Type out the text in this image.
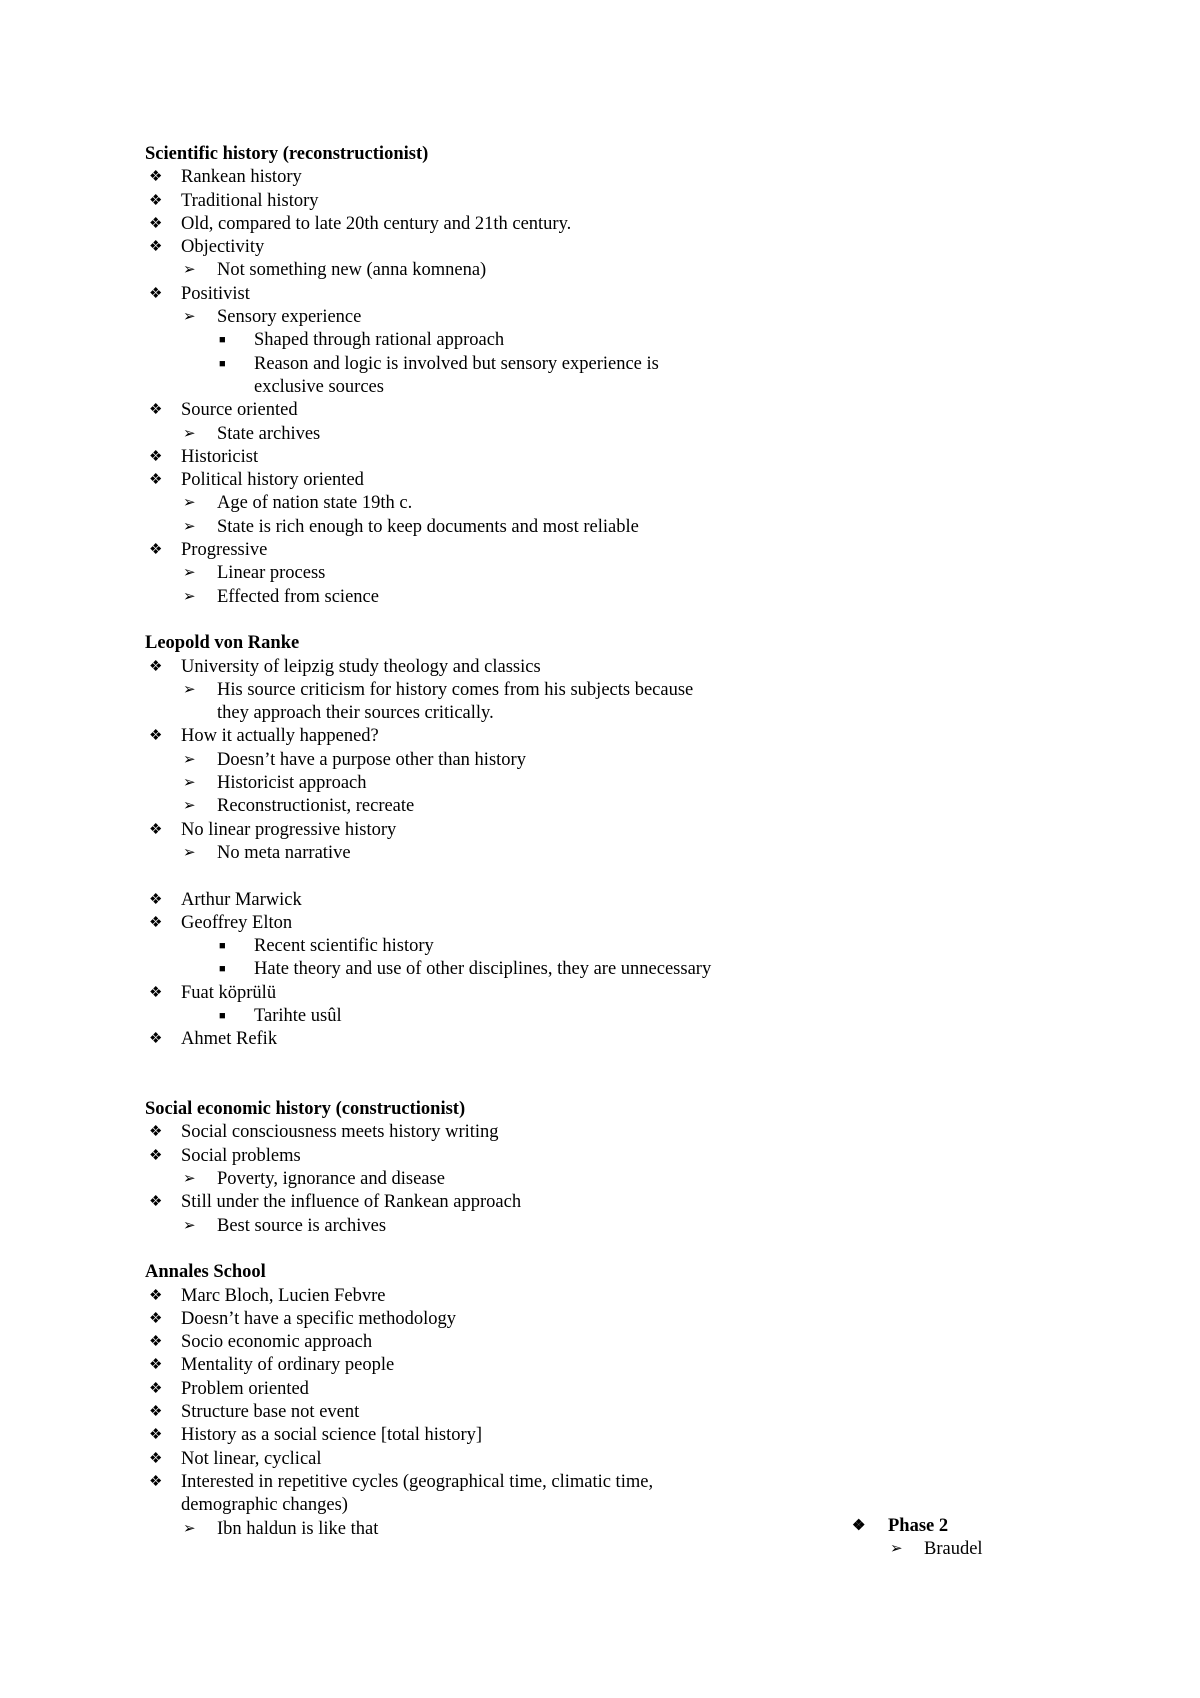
Scientific history (reconstructionist)
❖ Rankean history
❖ Traditional history
❖ Old, compared to late 20th century and 21th century.
❖ Objectivity
➢ Not something new (anna komnena)
❖ Positivist
➢ Sensory experience
■ Shaped through rational approach
■ Reason and logic is involved but sensory experience is
exclusive sources
❖ Source oriented
➢ State archives
❖ Historicist
❖ Political history oriented
➢ Age of nation state 19th c.
➢ State is rich enough to keep documents and most reliable
❖ Progressive
➢ Linear process
➢ Effected from science
Leopold von Ranke
❖ University of leipzig study theology and classics
➢ His source criticism for history comes from his subjects because
they approach their sources critically.
❖ How it actually happened?
➢ Doesn’t have a purpose other than history
➢ Historicist approach
➢ Reconstructionist, recreate
❖ No linear progressive history
➢ No meta narrative
❖ Arthur Marwick
❖ Geoffrey Elton
■ Recent scientific history
■ Hate theory and use of other disciplines, they are unnecessary
❖ Fuat köprülü
■ Tarihte usûl
❖ Ahmet Refik
Social economic history (constructionist)
❖ Social consciousness meets history writing
❖ Social problems
➢ Poverty, ignorance and disease
❖ Still under the influence of Rankean approach
➢ Best source is archives
Annales School
❖ Marc Bloch, Lucien Febvre
❖ Doesn’t have a specific methodology
❖ Socio economic approach
❖ Mentality of ordinary people
❖ Problem oriented
❖ Structure base not event
❖ History as a social science [total history]
❖ Not linear, cyclical
❖ Interested in repetitive cycles (geographical time, climatic time,
demographic changes)
➢ Ibn haldun is like that	❖ Phase 2
➢ Braudel
